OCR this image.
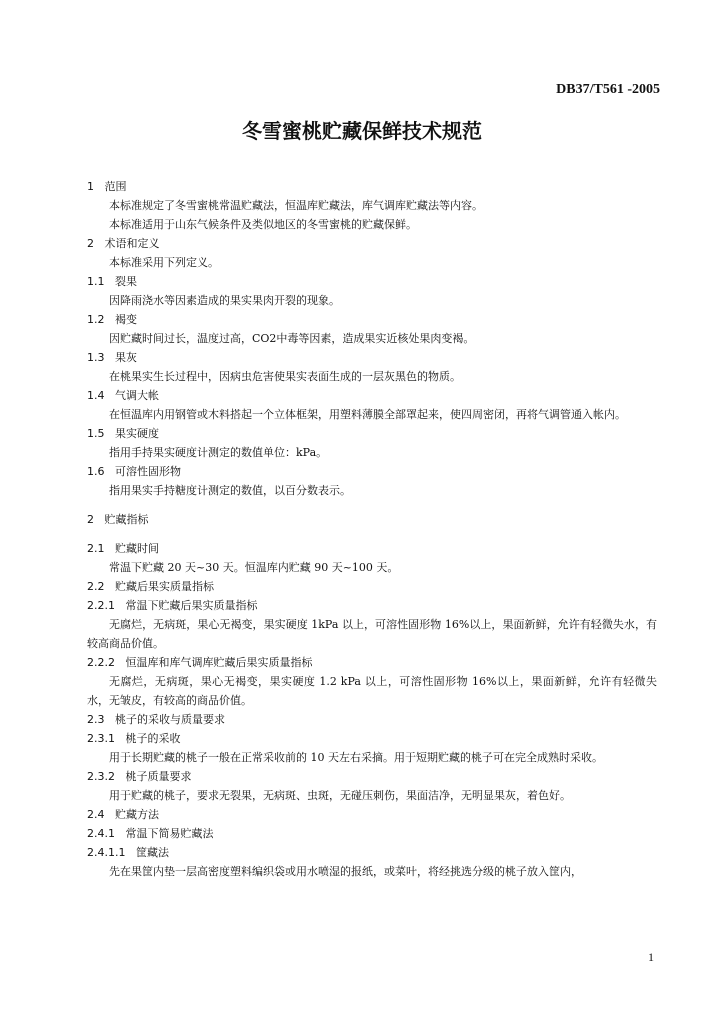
DB37/T561 -2005
冬雪蜜桃贮藏保鲜技术规范
1   范围
本标准规定了冬雪蜜桃常温贮藏法，恒温库贮藏法，库气调库贮藏法等内容。
本标准适用于山东气候条件及类似地区的冬雪蜜桃的贮藏保鲜。
2   术语和定义
本标准采用下列定义。
1.1   裂果
因降雨浇水等因素造成的果实果肉开裂的现象。
1.2   褐变
因贮藏时间过长，温度过高，CO2中毒等因素，造成果实近核处果肉变褐。
1.3   果灰
在桃果实生长过程中，因病虫危害使果实表面生成的一层灰黑色的物质。
1.4   气调大帐
在恒温库内用钢管或木料搭起一个立体框架，用塑料薄膜全部罩起来，使四周密闭，再将气调管通入帐内。
1.5   果实硬度
指用手持果实硬度计测定的数值单位：kPa。
1.6   可溶性固形物
指用果实手持糖度计测定的数值，以百分数表示。
2   贮藏指标
2.1   贮藏时间
常温下贮藏 20 天~30 天。恒温库内贮藏 90 天~100 天。
2.2   贮藏后果实质量指标
2.2.1   常温下贮藏后果实质量指标
无腐烂，无病斑，果心无褐变，果实硬度 1kPa 以上，可溶性固形物 16%以上，果面新鲜，允许有轻微失水，有较高商品价值。
2.2.2   恒温库和库气调库贮藏后果实质量指标
无腐烂，无病斑，果心无褐变，果实硬度 1.2 kPa 以上，可溶性固形物 16%以上，果面新鲜，允许有轻微失水，无皱皮，有较高的商品价值。
2.3   桃子的采收与质量要求
2.3.1   桃子的采收
用于长期贮藏的桃子一般在正常采收前的 10 天左右采摘。用于短期贮藏的桃子可在完全成熟时采收。
2.3.2   桃子质量要求
用于贮藏的桃子，要求无裂果，无病斑、虫斑，无碰压刺伤，果面洁净，无明显果灰，着色好。
2.4   贮藏方法
2.4.1   常温下简易贮藏法
2.4.1.1   筐藏法
先在果筐内垫一层高密度塑料编织袋或用水喷湿的报纸，或菜叶，将经挑选分级的桃子放入筐内，
1
